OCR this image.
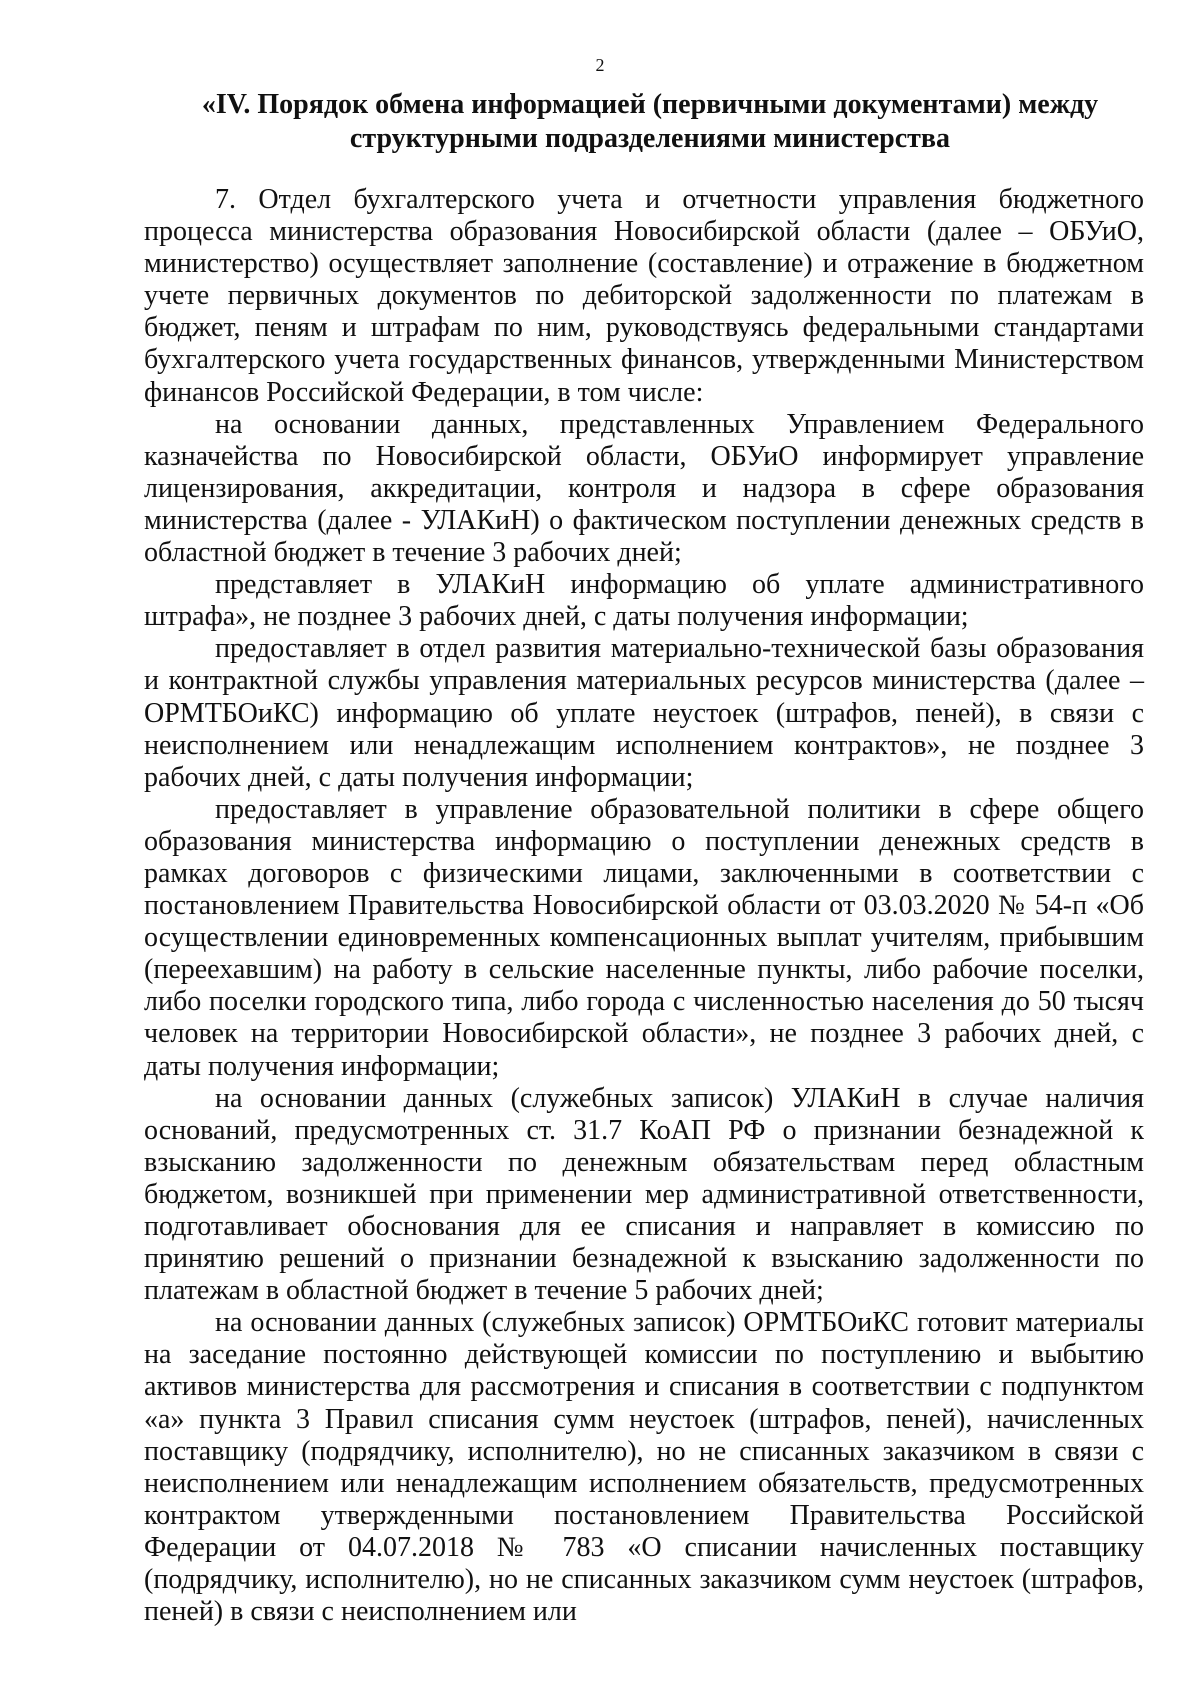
2
«IV. Порядок обмена информацией (первичными документами) между
структурными подразделениями министерства

7. Отдел бухгалтерского учета и отчетности управления бюджетного процесса министерства образования Новосибирской области (далее – ОБУиО, министерство) осуществляет заполнение (составление) и отражение в бюджетном учете первичных документов по дебиторской задолженности по платежам в бюджет, пеням и штрафам по ним, руководствуясь федеральными стандартами бухгалтерского учета государственных финансов, утвержденными Министерством финансов Российской Федерации, в том числе:

на основании данных, представленных Управлением Федерального казначейства по Новосибирской области, ОБУиО информирует управление лицензирования, аккредитации, контроля и надзора в сфере образования министерства (далее - УЛАКиН) о фактическом поступлении денежных средств в областной бюджет в течение 3 рабочих дней;

представляет в УЛАКиН информацию об уплате административного штрафа», не позднее 3 рабочих дней, с даты получения информации;

предоставляет в отдел развития материально-технической базы образования и контрактной службы управления материальных ресурсов министерства (далее – ОРМТБОиКС) информацию об уплате неустоек (штрафов, пеней), в связи с неисполнением или ненадлежащим исполнением контрактов», не позднее 3 рабочих дней, с даты получения информации;

предоставляет в управление образовательной политики в сфере общего образования министерства информацию о поступлении денежных средств в рамках договоров с физическими лицами, заключенными в соответствии с постановлением Правительства Новосибирской области от 03.03.2020 № 54-п «Об осуществлении единовременных компенсационных выплат учителям, прибывшим (переехавшим) на работу в сельские населенные пункты, либо рабочие поселки, либо поселки городского типа, либо города с численностью населения до 50 тысяч человек на территории Новосибирской области», не позднее 3 рабочих дней, с даты получения информации;

на основании данных (служебных записок) УЛАКиН в случае наличия оснований, предусмотренных ст. 31.7 КоАП РФ о признании безнадежной к взысканию задолженности по денежным обязательствам перед областным бюджетом, возникшей при применении мер административной ответственности, подготавливает обоснования для ее списания и направляет в комиссию по принятию решений о признании безнадежной к взысканию задолженности по платежам в областной бюджет в течение 5 рабочих дней;

на основании данных (служебных записок) ОРМТБОиКС готовит материалы на заседание постоянно действующей комиссии по поступлению и выбытию активов министерства для рассмотрения и списания в соответствии с подпунктом «а» пункта 3 Правил списания сумм неустоек (штрафов, пеней), начисленных поставщику (подрядчику, исполнителю), но не списанных заказчиком в связи с неисполнением или ненадлежащим исполнением обязательств, предусмотренных контрактом утвержденными постановлением Правительства Российской Федерации от 04.07.2018 № 783 «О списании начисленных поставщику (подрядчику, исполнителю), но не списанных заказчиком сумм неустоек (штрафов, пеней) в связи с неисполнением или
